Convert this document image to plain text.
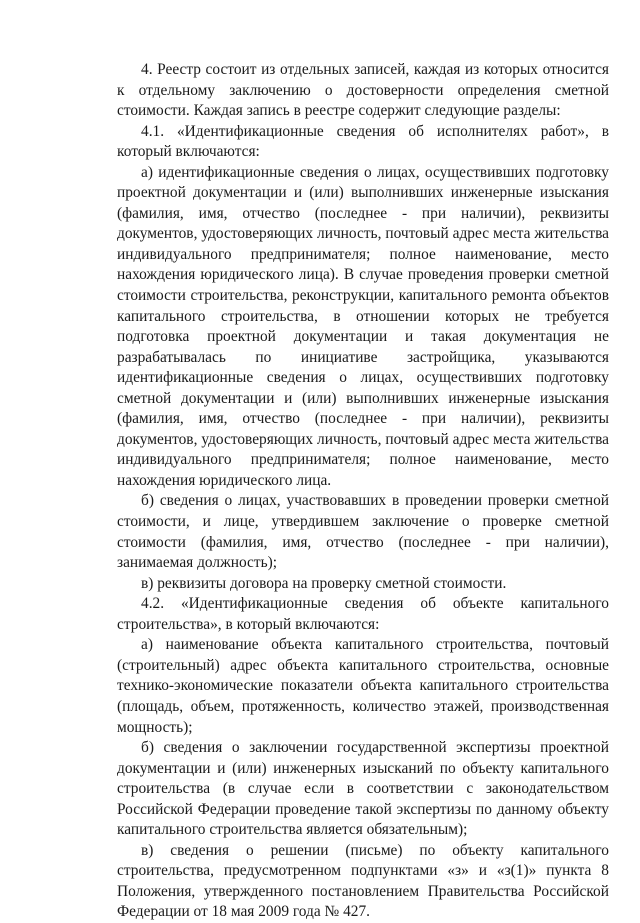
4. Реестр состоит из отдельных записей, каждая из которых относится к отдельному заключению о достоверности определения сметной стоимости. Каждая запись в реестре содержит следующие разделы:

4.1. «Идентификационные сведения об исполнителях работ», в который включаются:

а) идентификационные сведения о лицах, осуществивших подготовку проектной документации и (или) выполнивших инженерные изыскания (фамилия, имя, отчество (последнее - при наличии), реквизиты документов, удостоверяющих личность, почтовый адрес места жительства индивидуального предпринимателя; полное наименование, место нахождения юридического лица). В случае проведения проверки сметной стоимости строительства, реконструкции, капитального ремонта объектов капитального строительства, в отношении которых не требуется подготовка проектной документации и такая документация не разрабатывалась по инициативе застройщика, указываются идентификационные сведения о лицах, осуществивших подготовку сметной документации и (или) выполнивших инженерные изыскания (фамилия, имя, отчество (последнее - при наличии), реквизиты документов, удостоверяющих личность, почтовый адрес места жительства индивидуального предпринимателя; полное наименование, место нахождения юридического лица.

б) сведения о лицах, участвовавших в проведении проверки сметной стоимости, и лице, утвердившем заключение о проверке сметной стоимости (фамилия, имя, отчество (последнее - при наличии), занимаемая должность);

в) реквизиты договора на проверку сметной стоимости.

4.2. «Идентификационные сведения об объекте капитального строительства», в который включаются:

а) наименование объекта капитального строительства, почтовый (строительный) адрес объекта капитального строительства, основные технико-экономические показатели объекта капитального строительства (площадь, объем, протяженность, количество этажей, производственная мощность);

б) сведения о заключении государственной экспертизы проектной документации и (или) инженерных изысканий по объекту капитального строительства (в случае если в соответствии с законодательством Российской Федерации проведение такой экспертизы по данному объекту капитального строительства является обязательным);

в) сведения о решении (письме) по объекту капитального строительства, предусмотренном подпунктами «з» и «з(1)» пункта 8 Положения, утвержденного постановлением Правительства Российской Федерации от 18 мая 2009 года № 427.
